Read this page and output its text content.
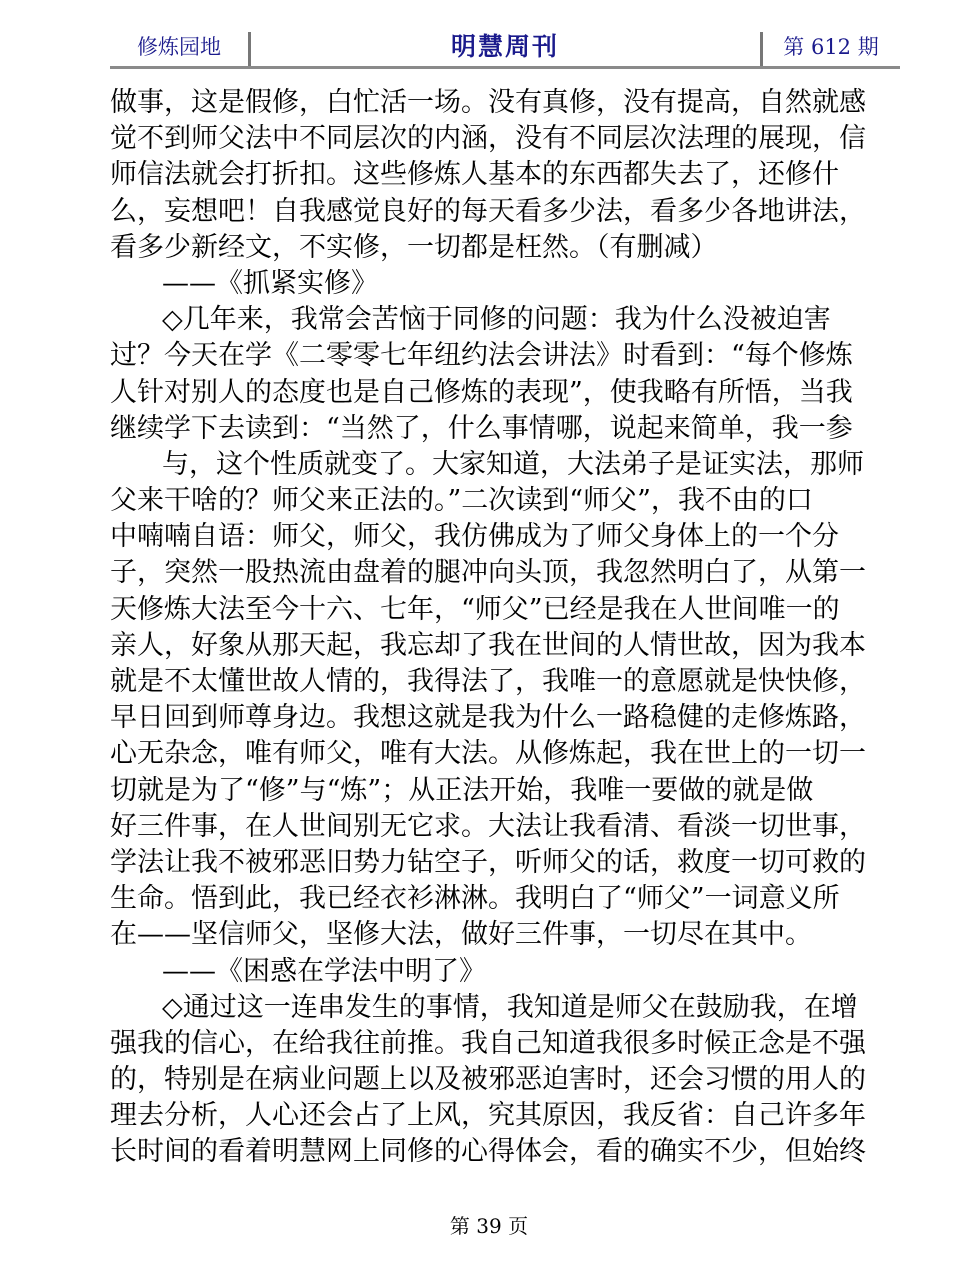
修炼园地	明慧周刊	第 612 期
做事，这是假修，白忙活一场。没有真修，没有提高，自然就感
觉不到师父法中不同层次的内涵，没有不同层次法理的展现，信
师信法就会打折扣。这些修炼人基本的东西都失去了，还修什
么，妄想吧！自我感觉良好的每天看多少法，看多少各地讲法，
看多少新经文，不实修，一切都是枉然。（有删减）
——《抓紧实修》
◇几年来，我常会苦恼于同修的问题：我为什么没被迫害
过？今天在学《二零零七年纽约法会讲法》时看到：“每个修炼
人针对别人的态度也是自己修炼的表现”，使我略有所悟，当我
继续学下去读到：“当然了，什么事情哪，说起来简单，我一参
与，这个性质就变了。大家知道，大法弟子是证实法，那师
父来干啥的？师父来正法的。”二次读到“师父”，我不由的口
中喃喃自语：师父，师父，我仿佛成为了师父身体上的一个分
子，突然一股热流由盘着的腿冲向头顶，我忽然明白了，从第一
天修炼大法至今十六、七年，“师父”已经是我在人世间唯一的
亲人，好象从那天起，我忘却了我在世间的人情世故，因为我本
就是不太懂世故人情的，我得法了，我唯一的意愿就是快快修，
早日回到师尊身边。我想这就是我为什么一路稳健的走修炼路，
心无杂念，唯有师父，唯有大法。从修炼起，我在世上的一切一
切就是为了“修”与“炼”；从正法开始，我唯一要做的就是做
好三件事，在人世间别无它求。大法让我看清、看淡一切世事，
学法让我不被邪恶旧势力钻空子，听师父的话，救度一切可救的
生命。悟到此，我已经衣衫淋淋。我明白了“师父”一词意义所
在——坚信师父，坚修大法，做好三件事，一切尽在其中。
——《困惑在学法中明了》
◇通过这一连串发生的事情，我知道是师父在鼓励我，在增
强我的信心，在给我往前推。我自己知道我很多时候正念是不强
的，特别是在病业问题上以及被邪恶迫害时，还会习惯的用人的
理去分析，人心还会占了上风，究其原因，我反省：自己许多年
长时间的看着明慧网上同修的心得体会，看的确实不少，但始终
第 39 页
